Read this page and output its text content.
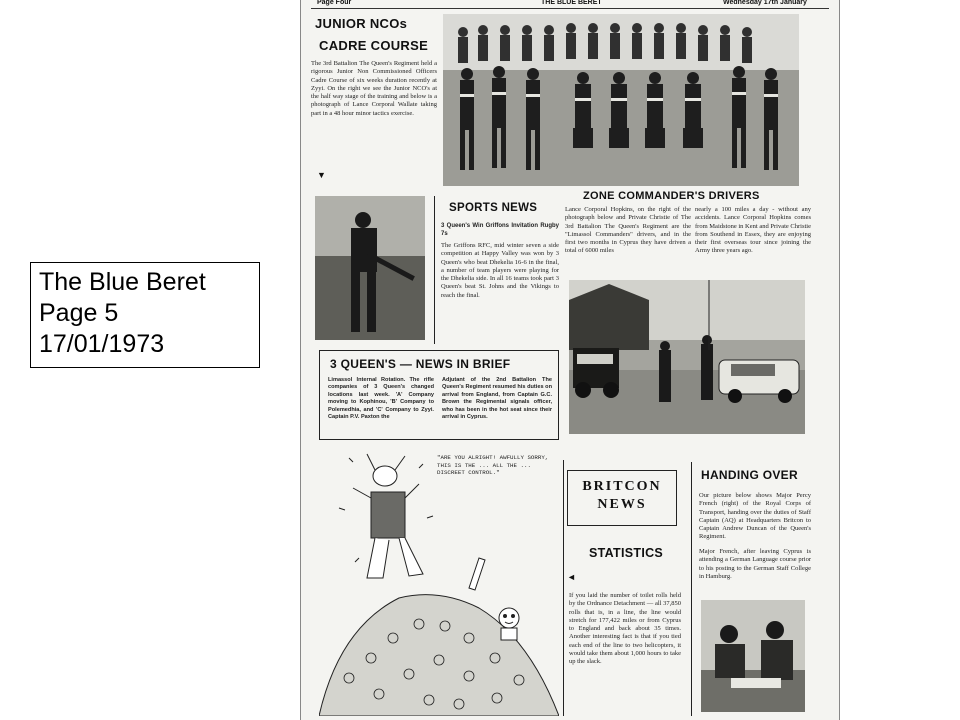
The Blue Beret
Page 5
17/01/1973
Page Four	THE BLUE BERET	Wednesday 17th January
JUNIOR NCOs
CADRE COURSE
The 3rd Battalion The Queen's Regiment held a rigorous Junior Non Commissioned Officers Cadre Course of six weeks duration recently at Zyyi. On the right we see the Junior NCO's at the half way stage of the training and below is a photograph of Lance Corporal Wallate taking part in a 48 hour minor tactics exercise.
▼
SPORTS NEWS
3 Queen's Win Griffons Invitation Rugby 7s
The Griffons RFC, mid winter seven a side competition at Happy Valley was won by 3 Queen's who beat Dhekelia 16-6 in the final, a number of team players were playing for the Dhekelia side. In all 16 teams took part 3 Queen's beat St. Johns and the Vikings to reach the final.
ZONE COMMANDER'S DRIVERS
Lance Corporal Hopkins, on the right of the photograph below and Private Christie of The 3rd Battalion The Queen's Regiment are the "Limassol Commanders" drivers, and in the first two months in Cyprus they have driven a total of 6000 miles
nearly a 100 miles a day - without any accidents. Lance Corporal Hopkins comes from Maidstone in Kent and Private Christie from Southend in Essex, they are enjoying their first overseas tour since joining the Army three years ago.
3 QUEEN'S — NEWS IN BRIEF
Limassol Internal Rotation. The rifle companies of 3 Queen's changed locations last week. 'A' Company moving to Kophinou, 'B' Company to Polemedhia, and 'C' Company to Zyyi. Captain P.V. Paxton the
Adjutant of the 2nd Battalion The Queen's Regiment resumed his duties on arrival from England, from Captain G.C. Brown the Regimental signals officer, who has been in the hot seat since their arrival in Cyprus.
"ARE YOU ALRIGHT! AWFULLY SORRY, THIS IS THE ... ALL THE ... DISCREET CONTROL."
BRITCON
NEWS
STATISTICS
◄
If you laid the number of toilet rolls held by the Ordnance Detachment — all 37,850 rolls that is, in a line, the line would stretch for 177,422 miles or from Cyprus to England and back about 35 times. Another interesting fact is that if you tied each end of the line to two helicopters, it would take them about 1,000 hours to take up the slack.
HANDING OVER
Our picture below shows Major Percy French (right) of the Royal Corps of Transport, handing over the duties of Staff Captain (AQ) at Headquarters Britcon to Captain Andrew Duncan of the Queen's Regiment.
Major French, after leaving Cyprus is attending a German Language course prior to his posting to the German Staff College in Hamburg.
